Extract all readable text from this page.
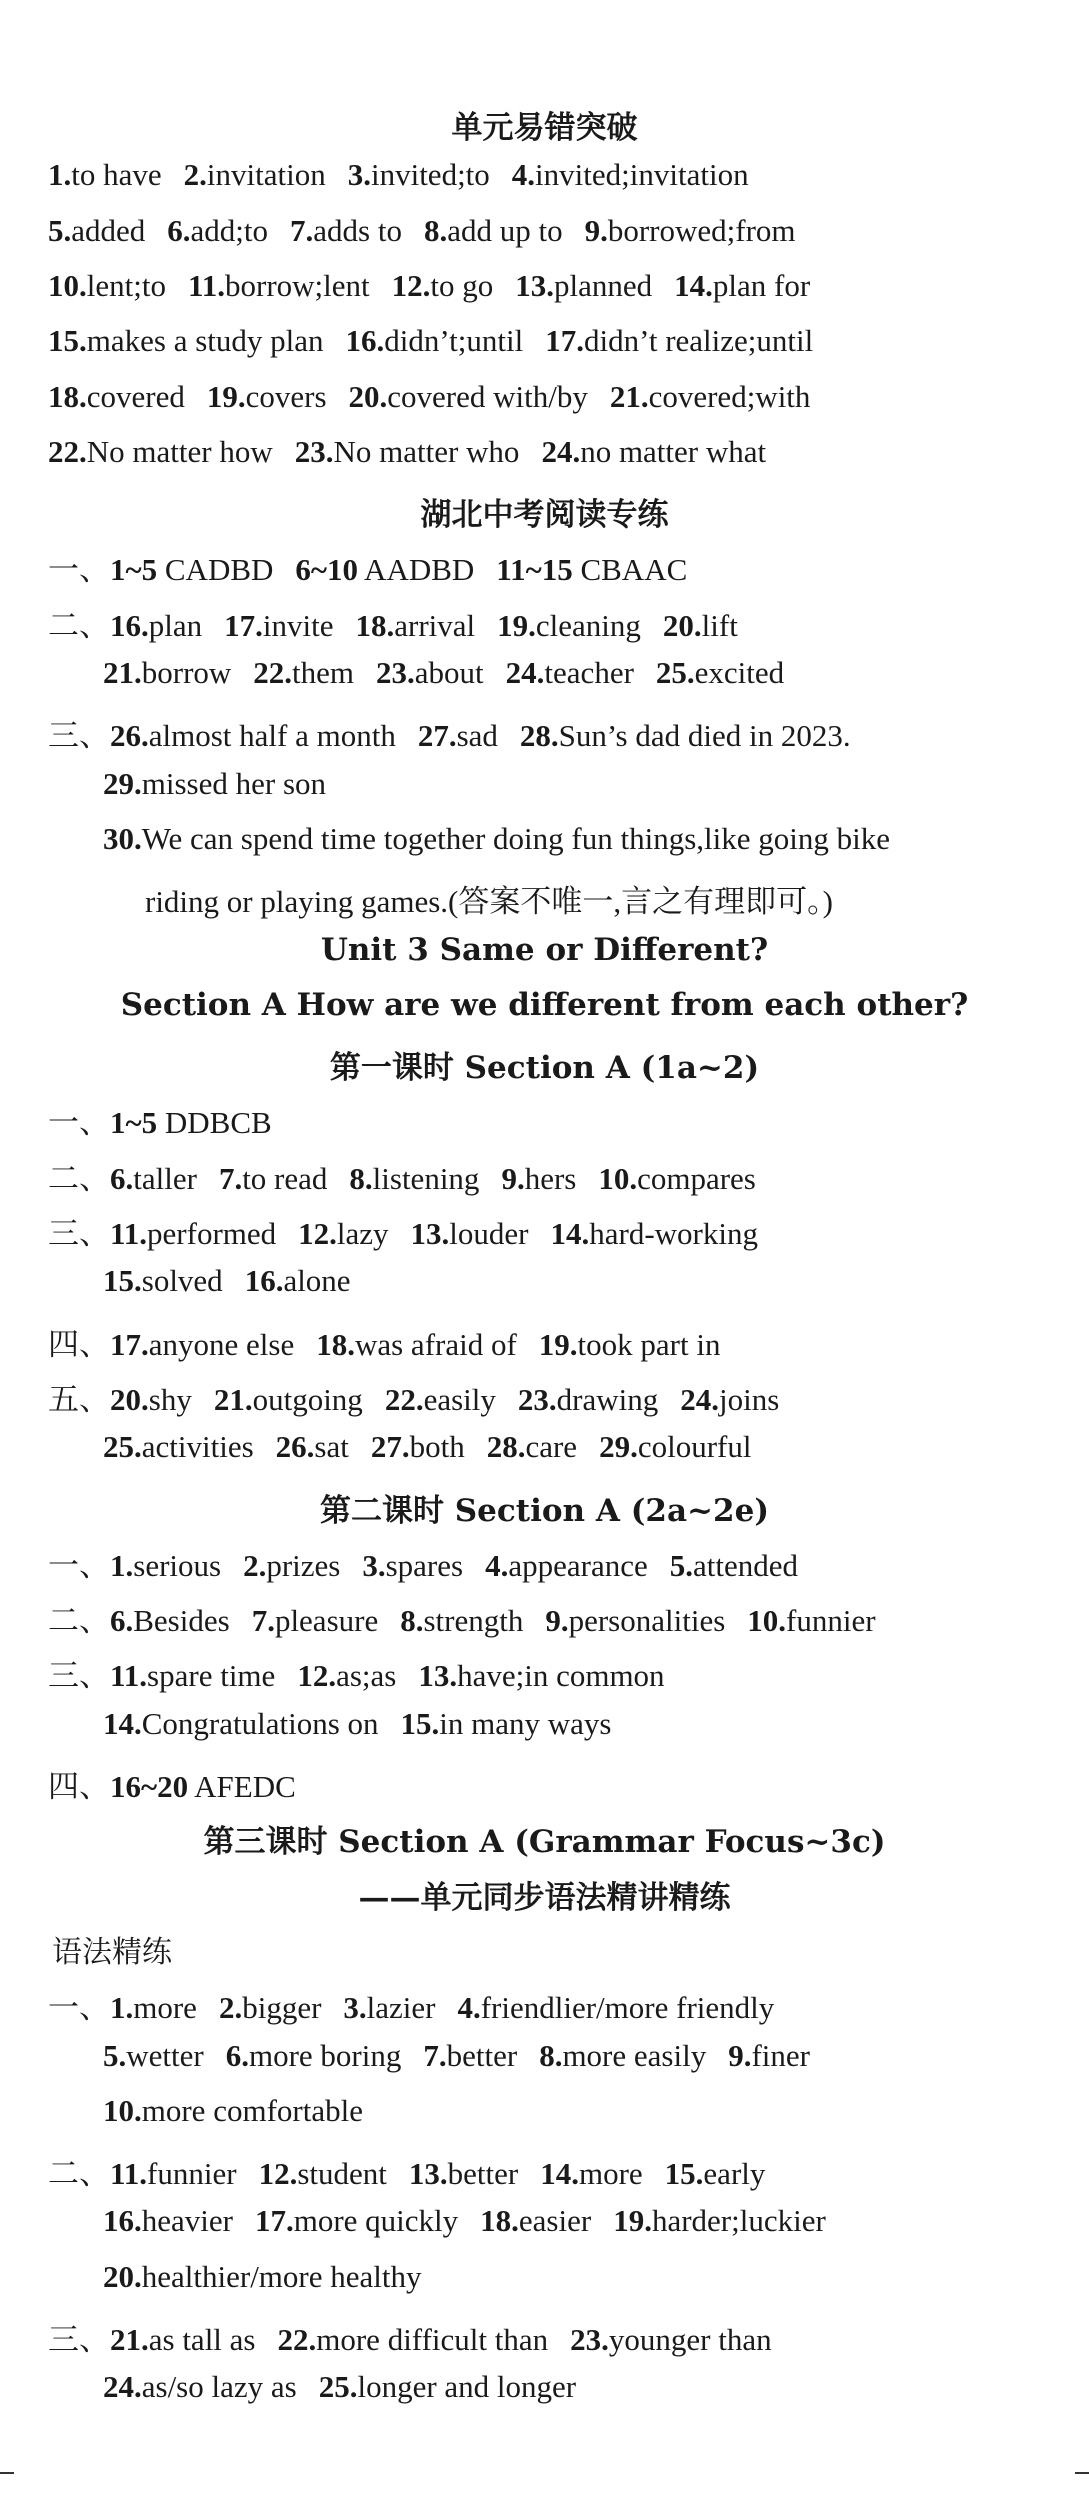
单元易错突破
1.to have 2.invitation 3.invited;to 4.invited;invitation
5.added 6.add;to 7.adds to 8.add up to 9.borrowed;from
10.lent;to 11.borrow;lent 12.to go 13.planned 14.plan for
15.makes a study plan 16.didn’t;until 17.didn’t realize;until
18.covered 19.covers 20.covered with/by 21.covered;with
22.No matter how 23.No matter who 24.no matter what
湖北中考阅读专练
一、1~5 CADBD 6~10 AADBD 11~15 CBAAC
二、16.plan 17.invite 18.arrival 19.cleaning 20.lift
21.borrow 22.them 23.about 24.teacher 25.excited
三、26.almost half a month 27.sad 28.Sun’s dad died in 2023.
29.missed her son
30.We can spend time together doing fun things,like going bike
riding or playing games.(答案不唯一,言之有理即可。)
Unit 3 Same or Different?
Section A How are we different from each other?
第一课时 Section A (1a~2)
一、1~5 DDBCB
二、6.taller 7.to read 8.listening 9.hers 10.compares
三、11.performed 12.lazy 13.louder 14.hard-working
15.solved 16.alone
四、17.anyone else 18.was afraid of 19.took part in
五、20.shy 21.outgoing 22.easily 23.drawing 24.joins
25.activities 26.sat 27.both 28.care 29.colourful
第二课时 Section A (2a~2e)
一、1.serious 2.prizes 3.spares 4.appearance 5.attended
二、6.Besides 7.pleasure 8.strength 9.personalities 10.funnier
三、11.spare time 12.as;as 13.have;in common
14.Congratulations on 15.in many ways
四、16~20 AFEDC
第三课时 Section A (Grammar Focus~3c)
——单元同步语法精讲精练
语法精练
一、1.more 2.bigger 3.lazier 4.friendlier/more friendly
5.wetter 6.more boring 7.better 8.more easily 9.finer
10.more comfortable
二、11.funnier 12.student 13.better 14.more 15.early
16.heavier 17.more quickly 18.easier 19.harder;luckier
20.healthier/more healthy
三、21.as tall as 22.more difficult than 23.younger than
24.as/so lazy as 25.longer and longer
